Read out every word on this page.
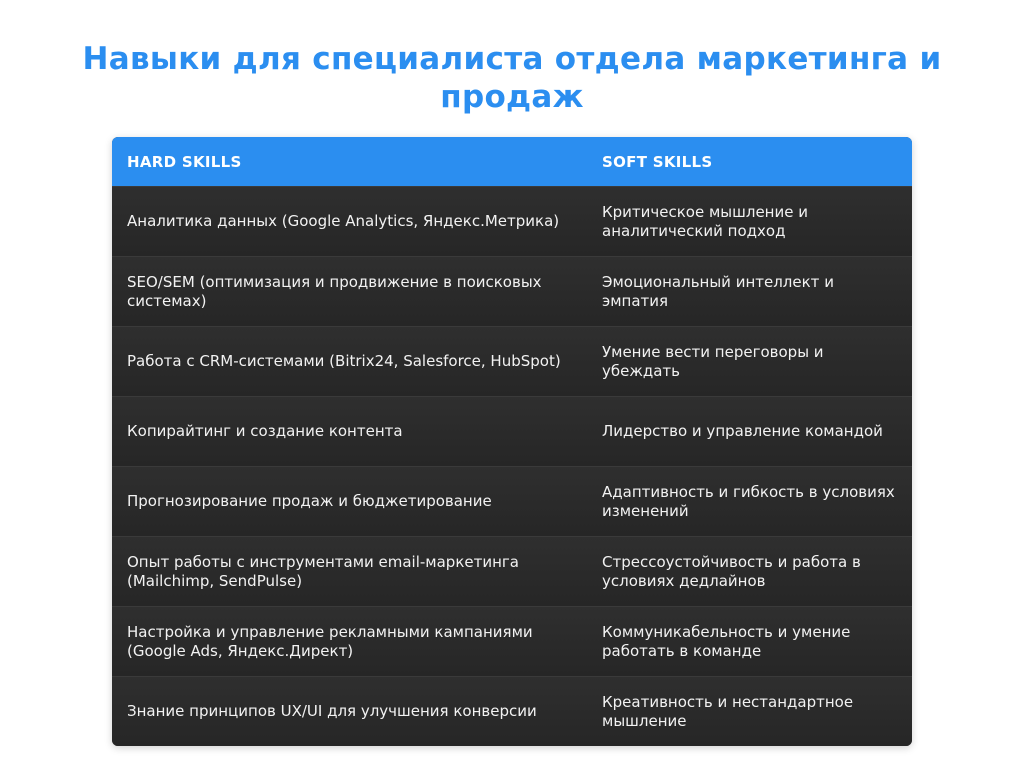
Навыки для специалиста отдела маркетинга и продаж
HARD SKILLS	SOFT SKILLS
Аналитика данных (Google Analytics, Яндекс.Метрика)
Критическое мышление и аналитический подход
SEO/SEM (оптимизация и продвижение в поисковых системах)
Эмоциональный интеллект и эмпатия
Работа с CRM-системами (Bitrix24, Salesforce, HubSpot)
Умение вести переговоры и убеждать
Копирайтинг и создание контента	Лидерство и управление командой
Прогнозирование продаж и бюджетирование
Адаптивность и гибкость в условиях изменений
Опыт работы с инструментами email-маркетинга (Mailchimp, SendPulse)
Стрессоустойчивость и работа в условиях дедлайнов
Настройка и управление рекламными кампаниями (Google Ads, Яндекс.Директ)
Коммуникабельность и умение работать в команде
Знание принципов UX/UI для улучшения конверсии
Креативность и нестандартное мышление
